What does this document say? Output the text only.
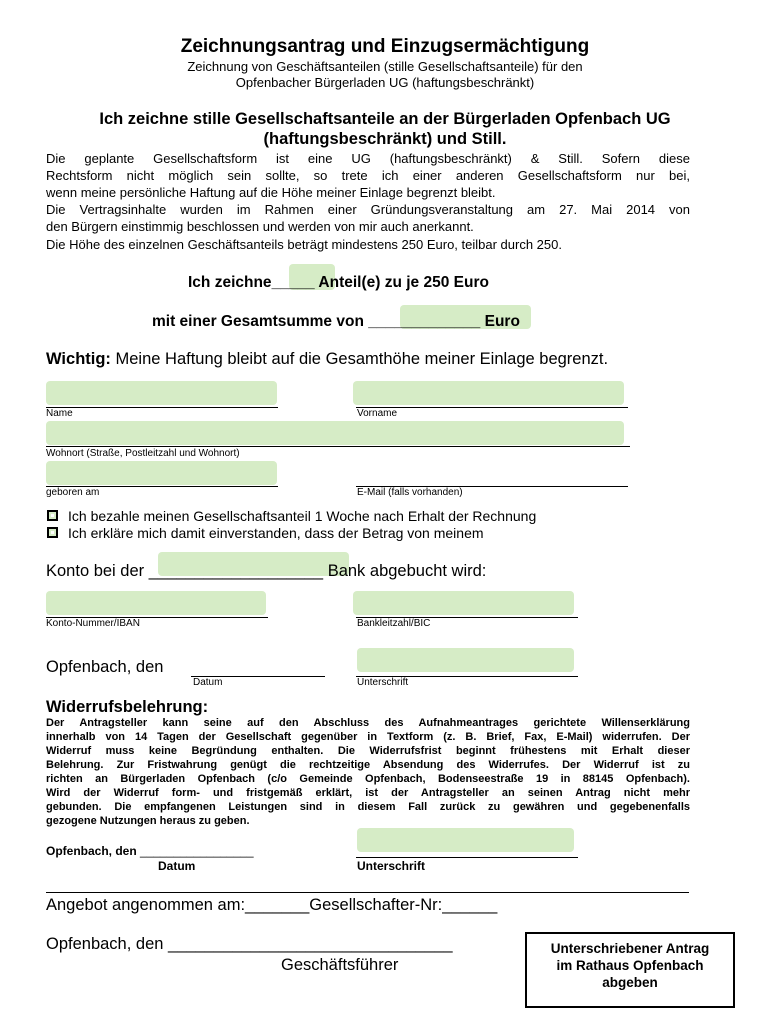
Zeichnungsantrag und Einzugsermächtigung
Zeichnung von Geschäftsanteilen (stille Gesellschaftsanteile) für den
Opfenbacher Bürgerladen UG (haftungsbeschränkt)
Ich zeichne stille Gesellschaftsanteile an der Bürgerladen Opfenbach UG
(haftungsbeschränkt) und Still.
Die geplante Gesellschaftsform ist eine UG (haftungsbeschränkt) & Still. Sofern diese
Rechtsform nicht möglich sein sollte, so trete ich einer anderen Gesellschaftsform nur bei,
wenn meine persönliche Haftung auf die Höhe meiner Einlage begrenzt bleibt.
Die Vertragsinhalte wurden im Rahmen einer Gründungsveranstaltung am 27. Mai 2014 von
den Bürgern einstimmig beschlossen und werden von mir auch anerkannt.
Die Höhe des einzelnen Geschäftsanteils beträgt mindestens 250 Euro, teilbar durch 250.
Ich zeichne_____ Anteil(e) zu je 250 Euro
mit einer Gesamtsumme von _____________ Euro
Wichtig: Meine Haftung bleibt auf die Gesamthöhe meiner Einlage begrenzt.
Name	Vorname
Wohnort (Straße, Postleitzahl und Wohnort)
geboren am	E-Mail (falls vorhanden)
Ich bezahle meinen Gesellschaftsanteil 1 Woche nach Erhalt der Rechnung
Ich erkläre mich damit einverstanden, dass der Betrag von meinem
Konto bei der ___________________ Bank abgebucht wird:
Konto-Nummer/IBAN	Bankleitzahl/BIC
Opfenbach, den
Datum	Unterschrift
Widerrufsbelehrung:
Der Antragsteller kann seine auf den Abschluss des Aufnahmeantrages gerichtete Willenserklärung
innerhalb von 14 Tagen der Gesellschaft gegenüber in Textform (z. B. Brief, Fax, E-Mail) widerrufen. Der
Widerruf muss keine Begründung enthalten. Die Widerrufsfrist beginnt frühestens mit Erhalt dieser
Belehrung. Zur Fristwahrung genügt die rechtzeitige Absendung des Widerrufes. Der Widerruf ist zu
richten an Bürgerladen Opfenbach (c/o Gemeinde Opfenbach, Bodenseestraße 19 in 88145 Opfenbach).
Wird der Widerruf form- und fristgemäß erklärt, ist der Antragsteller an seinen Antrag nicht mehr
gebunden. Die empfangenen Leistungen sind in diesem Fall zurück zu gewähren und gegebenenfalls
gezogene Nutzungen heraus zu geben.
Opfenbach, den _________________
Datum	Unterschrift
Angebot angenommen am:_______Gesellschafter-Nr:______
Opfenbach, den _______________________________
Geschäftsführer
Unterschriebener Antrag
im Rathaus Opfenbach
abgeben
